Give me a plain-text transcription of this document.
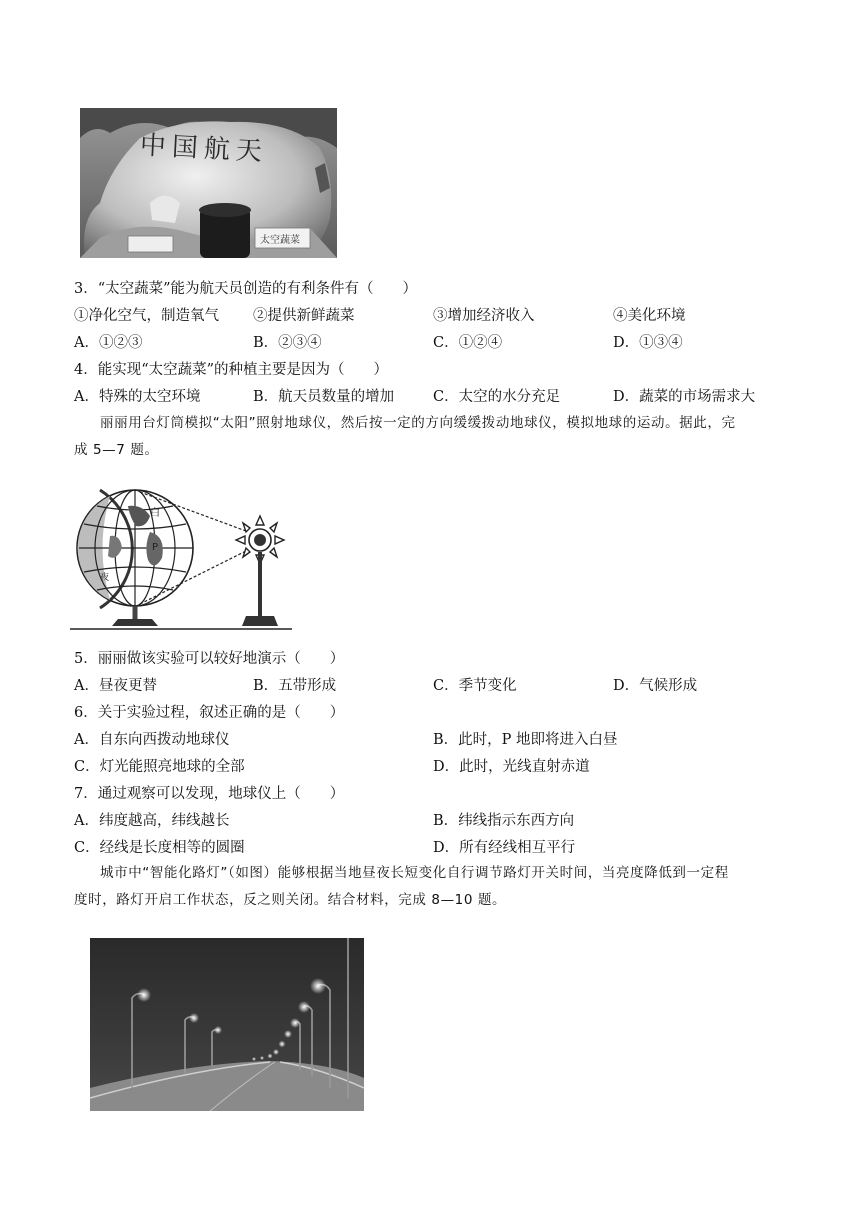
中国航天
太空蔬菜
3．“太空蔬菜”能为航天员创造的有利条件有（　　）
①净化空气，制造氧气 ②提供新鲜蔬菜	③增加经济收入	④美化环境
A．①②③	B．②③④	C．①②④	D．①③④
4．能实现“太空蔬菜”的种植主要是因为（　　）
A．特殊的太空环境	B．航天员数量的增加	C．太空的水分充足	D．蔬菜的市场需求大
丽丽用台灯筒模拟“太阳”照射地球仪，然后按一定的方向缓缓拨动地球仪，模拟地球的运动。据此，完
成 5—7 题。
白
P
夜
5．丽丽做该实验可以较好地演示（　　）
A．昼夜更替	B．五带形成	C．季节变化	D．气候形成
6．关于实验过程，叙述正确的是（　　）
A．自东向西拨动地球仪	B．此时，P 地即将进入白昼
C．灯光能照亮地球的全部	D．此时，光线直射赤道
7．通过观察可以发现，地球仪上（　　）
A．纬度越高，纬线越长	B．纬线指示东西方向
C．经线是长度相等的圆圈	D．所有经线相互平行
城市中“智能化路灯”（如图）能够根据当地昼夜长短变化自行调节路灯开关时间，当亮度降低到一定程
度时，路灯开启工作状态，反之则关闭。结合材料，完成 8—10 题。
